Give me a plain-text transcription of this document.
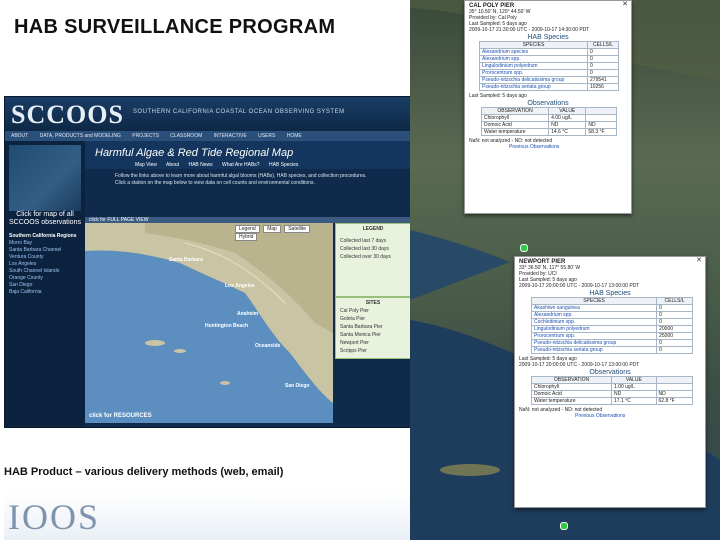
HAB SURVEILLANCE PROGRAM
SCCOOS SOUTHERN CALIFORNIA COASTAL OCEAN OBSERVING SYSTEM
ABOUT DATA, PRODUCTS and MODELING PROJECTS CLASSROOM INTERACTIVE USERS HOME
Click for map of all SCCOOS observations
Southern California Regions
Morro Bay
Santa Barbara Channel
Ventura County
Los Angeles
South Channel Islands
Orange County
San Diego
Baja California
Harmful Algae & Red Tide Regional Map
Map View About HAB News What Are HABs? HAB Species
Follow the links above to learn more about harmful algal blooms (HABs), HAB species, and collection procedures. Click a station on the map below to view data on cell counts and environmental conditions.
click for FULL PAGE VIEW
Legend Map Satellite Hybrid
Santa Barbara
Los Angeles
Anaheim
Huntington Beach
Oceanside
San Diego
click for RESOURCES
LEGEND
Collected last 7 days
Collected last 30 days
Collected over 30 days
SITES
Cal Poly Pier
Goleta Pier
Santa Barbara Pier
Santa Monica Pier
Newport Pier
Scripps Pier
HAB Product – various delivery methods (web, email)
IOOS
✕
CAL POLY PIER
35° 10.50' N, 120° 44.50' W
Provided by: Cal Poly
Last Sampled: 5 days ago
2009-10-17 21:30:00 UTC - 2009-10-17 14:30:00 PDT
HAB Species
SPECIES	CELLS/L
Alexandrium species	0
Alexandrium spp.	0
Lingulodinium polyedrum	0
Prorocentrum spp.	0
Pseudo-nitzschia delicatissima group	279541
Pseudo-nitzschia seriata group	10256
Last Sampled: 5 days ago
Observations
OBSERVATION	VALUE	
Chlorophyll	4.00 ug/L	
Domoic Acid	ND	ND
Water temperature	14.6 °C	58.3 °F
NaN: not analyzed - ND: not detected
Previous Observations
✕
NEWPORT PIER
33° 36.50' N, 117° 55.80' W
Provided by: UCI
Last Sampled: 5 days ago
2009-10-17 20:00:00 UTC - 2009-10-17 13:00:00 PDT
HAB Species
SPECIES	CELLS/L
Akashiwo sanguinea	0
Alexandrium spp.	0
Cochlodinium spp.	0
Lingulodinium polyedrum	20000
Prorocentrum spp.	25000
Pseudo-nitzschia delicatissima group	0
Pseudo-nitzschia seriata group	0
Last Sampled: 5 days ago
2009-10-17 20:00:00 UTC - 2009-10-17 13:00:00 PDT
Observations
OBSERVATION	VALUE	
Chlorophyll	1.00 ug/L	
Domoic Acid	ND	ND
Water temperature	17.1 °C	62.8 °F
NaN: not analyzed - ND: not detected
Previous Observations
